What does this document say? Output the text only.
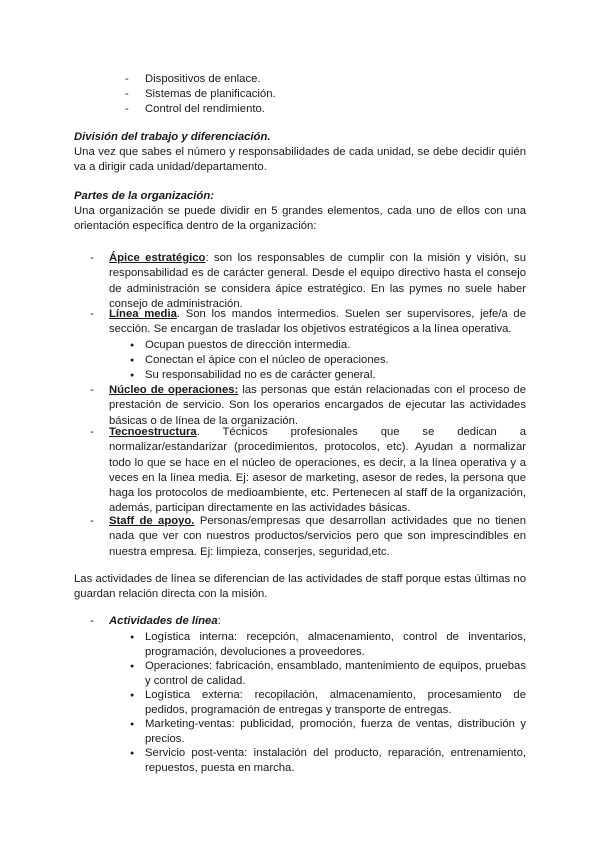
-	Dispositivos de enlace.
-	Sistemas de planificación.
-	Control del rendimiento.
División del trabajo y diferenciación.
Una vez que sabes el número y responsabilidades de cada unidad, se debe decidir quién va a dirigir cada unidad/departamento.
Partes de la organización:
Una organización se puede dividir en 5 grandes elementos, cada uno de ellos con una orientación específica dentro de la organización:
-	Ápice estratégico: son los responsables de cumplir con la misión y visión, su responsabilidad es de carácter general. Desde el equipo directivo hasta el consejo de administración se considera ápice estratégico. En las pymes no suele haber consejo de administración.
-	Línea media. Son los mandos intermedios. Suelen ser supervisores, jefe/a de sección. Se encargan de trasladar los objetivos estratégicos a la línea operativa.
● Ocupan puestos de dirección intermedia.
● Conectan el ápice con el núcleo de operaciones.
● Su responsabilidad no es de carácter general.
-	Núcleo de operaciones: las personas que están relacionadas con el proceso de prestación de servicio. Son los operarios encargados de ejecutar las actividades básicas o de línea de la organización.
-	Tecnoestructura. Técnicos profesionales que se dedican a normalizar/estandarizar (procedimientos, protocolos, etc). Ayudan a normalizar todo lo que se hace en el núcleo de operaciones, es decir, a la línea operativa y a veces en la línea media. Ej: asesor de marketing, asesor de redes, la persona que haga los protocolos de medioambiente, etc. Pertenecen al staff de la organización, además, participan directamente en las actividades básicas.
-	Staff de apoyo. Personas/empresas que desarrollan actividades que no tienen nada que ver con nuestros productos/servicios pero que son imprescindibles en nuestra empresa. Ej: limpieza, conserjes, seguridad,etc.
Las actividades de línea se diferencian de las actividades de staff porque estas últimas no guardan relación directa con la misión.
-	Actividades de línea:
● Logística interna: recepción, almacenamiento, control de inventarios, programación, devoluciones a proveedores.
● Operaciones: fabricación, ensamblado, mantenimiento de equipos, pruebas y control de calidad.
● Logística externa: recopilación, almacenamiento, procesamiento de pedidos, programación de entregas y transporte de entregas.
● Marketing-ventas: publicidad, promoción, fuerza de ventas, distribución y precios.
● Servicio post-venta: instalación del producto, reparación, entrenamiento, repuestos, puesta en marcha.
